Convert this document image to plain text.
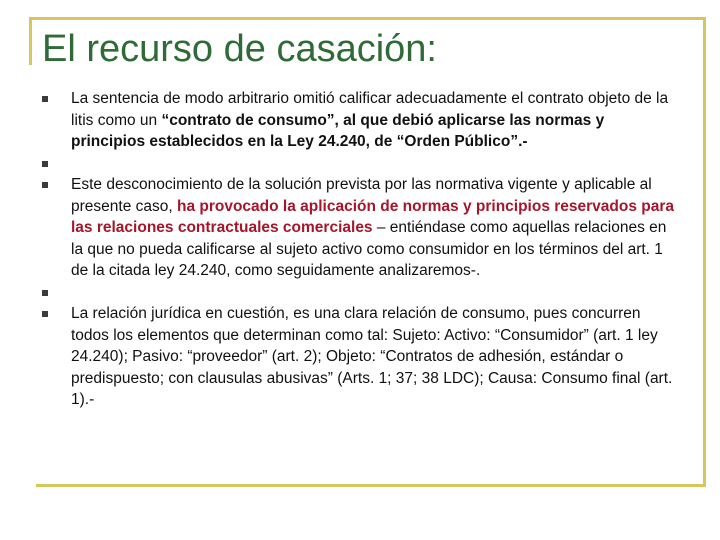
El recurso de casación:
La sentencia de modo arbitrario omitió calificar adecuadamente el contrato objeto de la litis como un “contrato de consumo”, al que debió aplicarse las normas y principios establecidos en la Ley 24.240, de “Orden Público”.-
Este desconocimiento de la solución prevista por las normativa vigente y aplicable al presente caso, ha provocado la aplicación de normas y principios reservados para las relaciones contractuales comerciales – entiéndase como aquellas relaciones en la que no pueda calificarse al sujeto activo como consumidor en los términos del art. 1 de la citada ley 24.240, como seguidamente analizaremos-.
La relación jurídica en cuestión, es una clara relación de consumo, pues concurren todos los elementos que determinan como tal: Sujeto: Activo: “Consumidor” (art. 1 ley 24.240); Pasivo: “proveedor” (art. 2); Objeto: “Contratos de adhesión, estándar o predispuesto; con clausulas abusivas” (Arts. 1; 37; 38 LDC); Causa: Consumo final (art. 1).-
